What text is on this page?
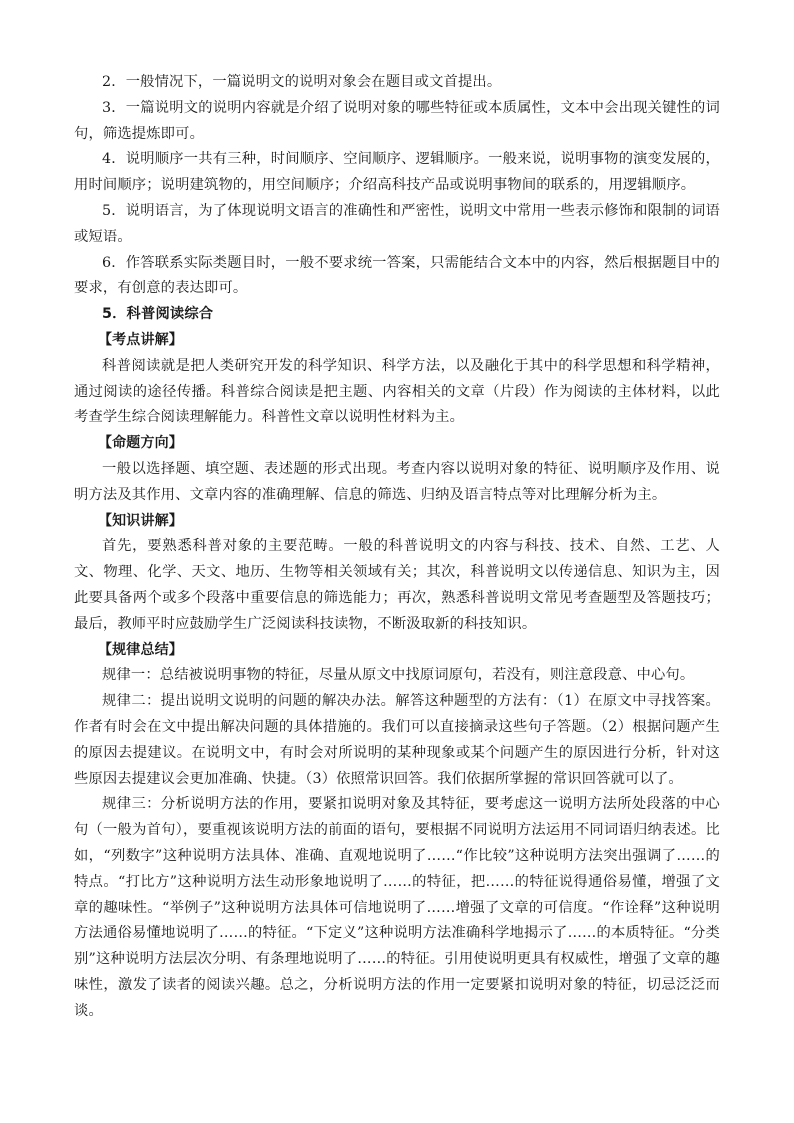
2．一般情况下，一篇说明文的说明对象会在题目或文首提出。

3．一篇说明文的说明内容就是介绍了说明对象的哪些特征或本质属性，文本中会出现关键性的词句，筛选提炼即可。

4．说明顺序一共有三种，时间顺序、空间顺序、逻辑顺序。一般来说，说明事物的演变发展的，用时间顺序；说明建筑物的，用空间顺序；介绍高科技产品或说明事物间的联系的，用逻辑顺序。

5．说明语言，为了体现说明文语言的准确性和严密性，说明文中常用一些表示修饰和限制的词语或短语。

6．作答联系实际类题目时，一般不要求统一答案，只需能结合文本中的内容，然后根据题目中的要求，有创意的表达即可。

5．科普阅读综合

【考点讲解】

科普阅读就是把人类研究开发的科学知识、科学方法，以及融化于其中的科学思想和科学精神，通过阅读的途径传播。科普综合阅读是把主题、内容相关的文章（片段）作为阅读的主体材料，以此考查学生综合阅读理解能力。科普性文章以说明性材料为主。

【命题方向】

一般以选择题、填空题、表述题的形式出现。考查内容以说明对象的特征、说明顺序及作用、说明方法及其作用、文章内容的准确理解、信息的筛选、归纳及语言特点等对比理解分析为主。

【知识讲解】

首先，要熟悉科普对象的主要范畴。一般的科普说明文的内容与科技、技术、自然、工艺、人文、物理、化学、天文、地历、生物等相关领域有关；其次，科普说明文以传递信息、知识为主，因此要具备两个或多个段落中重要信息的筛选能力；再次，熟悉科普说明文常见考查题型及答题技巧；最后，教师平时应鼓励学生广泛阅读科技读物，不断汲取新的科技知识。

【规律总结】

规律一：总结被说明事物的特征，尽量从原文中找原词原句，若没有，则注意段意、中心句。

规律二：提出说明文说明的问题的解决办法。解答这种题型的方法有：（1）在原文中寻找答案。作者有时会在文中提出解决问题的具体措施的。我们可以直接摘录这些句子答题。（2）根据问题产生的原因去提建议。在说明文中，有时会对所说明的某种现象或某个问题产生的原因进行分析，针对这些原因去提建议会更加准确、快捷。（3）依照常识回答。我们依据所掌握的常识回答就可以了。

规律三：分析说明方法的作用，要紧扣说明对象及其特征，要考虑这一说明方法所处段落的中心句（一般为首句），要重视该说明方法的前面的语句，要根据不同说明方法运用不同词语归纳表述。比如，“列数字”这种说明方法具体、准确、直观地说明了……“作比较”这种说明方法突出强调了……的特点。“打比方”这种说明方法生动形象地说明了……的特征，把……的特征说得通俗易懂，增强了文章的趣味性。“举例子”这种说明方法具体可信地说明了……增强了文章的可信度。“作诠释”这种说明方法通俗易懂地说明了……的特征。“下定义”这种说明方法准确科学地揭示了……的本质特征。“分类别”这种说明方法层次分明、有条理地说明了……的特征。引用使说明更具有权威性，增强了文章的趣味性，激发了读者的阅读兴趣。总之，分析说明方法的作用一定要紧扣说明对象的特征，切忌泛泛而谈。
